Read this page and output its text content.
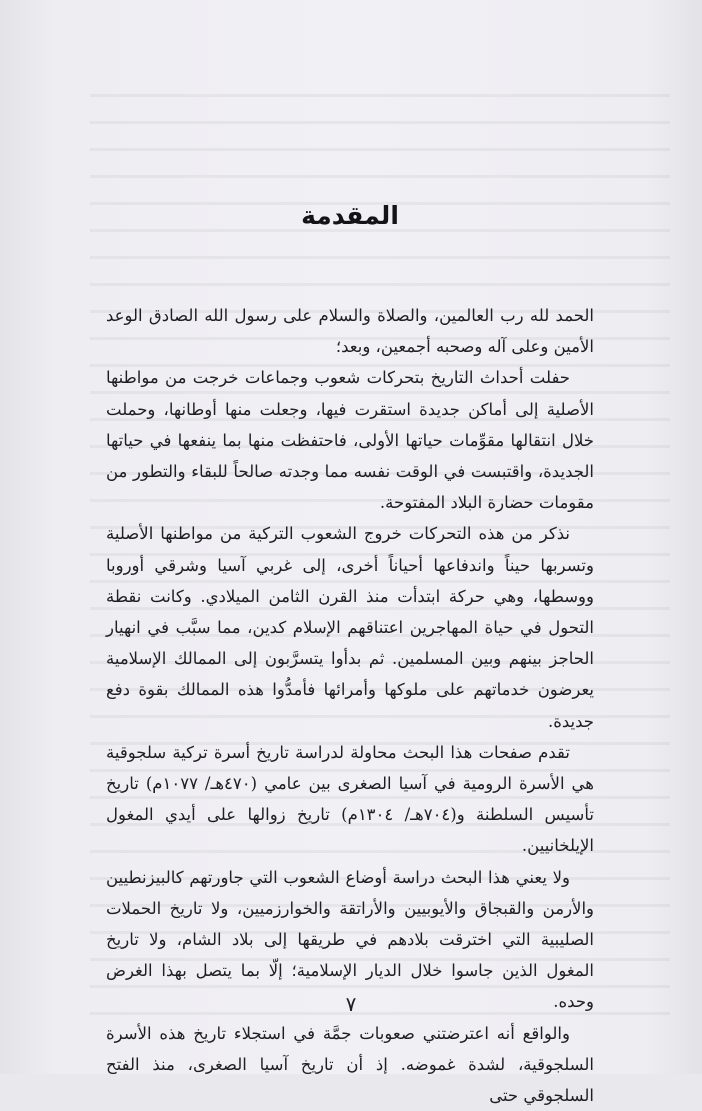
المقدمة

الحمد لله رب العالمين، والصلاة والسلام على رسول الله الصادق الوعد الأمين وعلى آله وصحبه أجمعين، وبعد؛

حفلت أحداث التاريخ بتحركات شعوب وجماعات خرجت من مواطنها الأصلية إلى أماكن جديدة استقرت فيها، وجعلت منها أوطانها، وحملت خلال انتقالها مقوِّمات حياتها الأولى، فاحتفظت منها بما ينفعها في حياتها الجديدة، واقتبست في الوقت نفسه مما وجدته صالحاً للبقاء والتطور من مقومات حضارة البلاد المفتوحة.

نذكر من هذه التحركات خروج الشعوب التركية من مواطنها الأصلية وتسربها حيناً واندفاعها أحياناً أخرى، إلى غربي آسيا وشرقي أوروبا ووسطها، وهي حركة ابتدأت منذ القرن الثامن الميلادي. وكانت نقطة التحول في حياة المهاجرين اعتناقهم الإسلام كدين، مما سبَّب في انهيار الحاجز بينهم وبين المسلمين. ثم بدأوا يتسرَّبون إلى الممالك الإسلامية يعرضون خدماتهم على ملوكها وأمرائها فأمدُّوا هذه الممالك بقوة دفع جديدة.

تقدم صفحات هذا البحث محاولة لدراسة تاريخ أسرة تركية سلجوقية هي الأسرة الرومية في آسيا الصغرى بين عامي (٤٧٠هـ/ ١٠٧٧م) تاريخ تأسيس السلطنة و(٧٠٤هـ/ ١٣٠٤م) تاريخ زوالها على أيدي المغول الإيلخانيين.

ولا يعني هذا البحث دراسة أوضاع الشعوب التي جاورتهم كالبيزنطيين والأرمن والقبجاق والأيوبيين والأراتقة والخوارزميين، ولا تاريخ الحملات الصليبية التي اخترقت بلادهم في طريقها إلى بلاد الشام، ولا تاريخ المغول الذين جاسوا خلال الديار الإسلامية؛ إلّا بما يتصل بهذا الغرض وحده.

والواقع أنه اعترضتني صعوبات جمَّة في استجلاء تاريخ هذه الأسرة السلجوقية، لشدة غموضه. إذ أن تاريخ آسيا الصغرى، منذ الفتح السلجوقي حتى

٧
